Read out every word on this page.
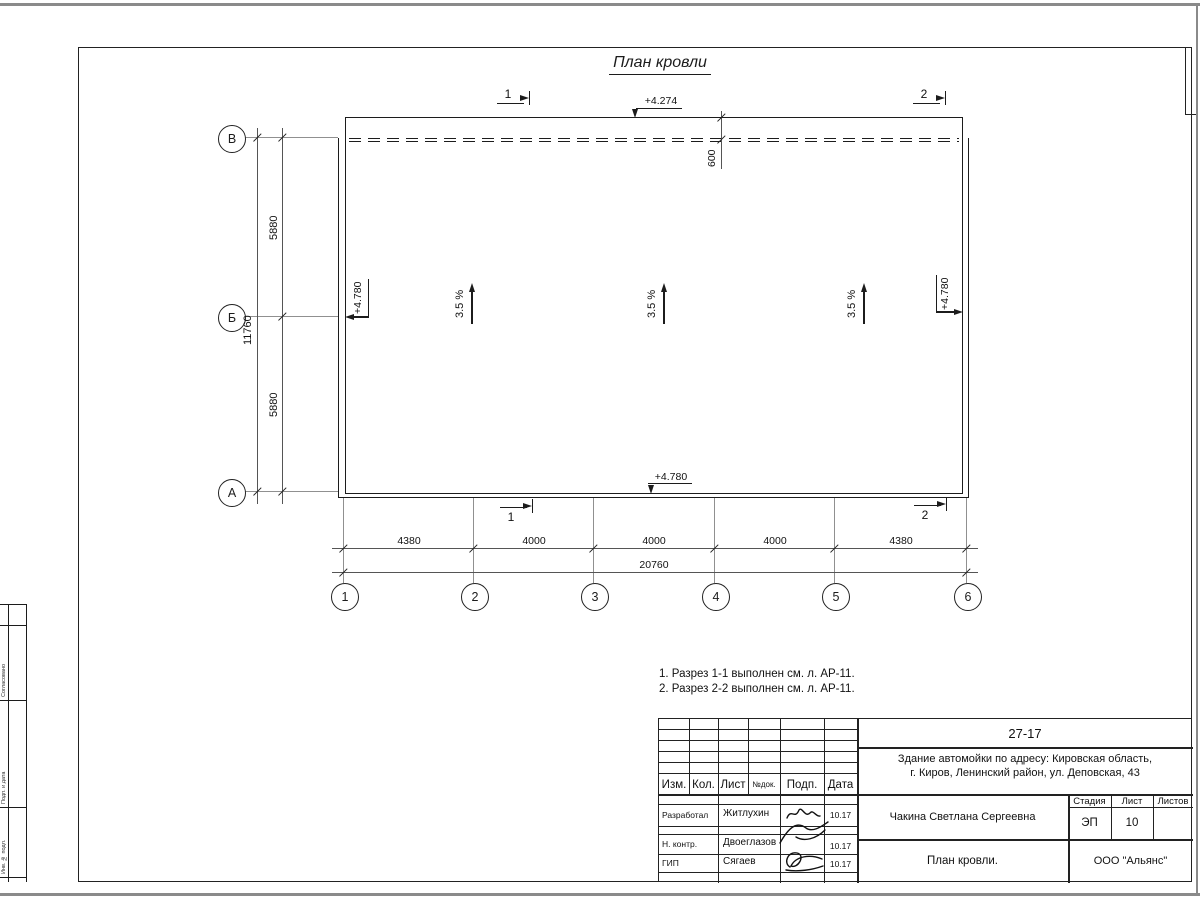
Согласовано
Подп. и дата
Инв. № подл.
План кровли
В
Б
А
5880
5880
11760
4380	4000	4000	4000	4380
20760
1	2	3	4	5	6
600
+4.274
+4.780
+4.780	+4.780
3.5 %	3.5 %	3.5 %
1	2
1	2
1. Разрез 1-1 выполнен см. л. АР-11.
2. Разрез 2-2 выполнен см. л. АР-11.
Изм. Кол. Лист №док. Подп. Дата
27-17
Здание автомойки по адресу: Кировская область,
г. Киров, Ленинский район, ул. Деповская, 43
Разработал Житлухин	10.17
Н. контр.	Двоеглазов	10.17
ГИП	Сягаев	10.17
Чакина Светлана Сергеевна
План кровли.	ООО "Альянс"
Стадия	Лист	Листов
ЭП	10
